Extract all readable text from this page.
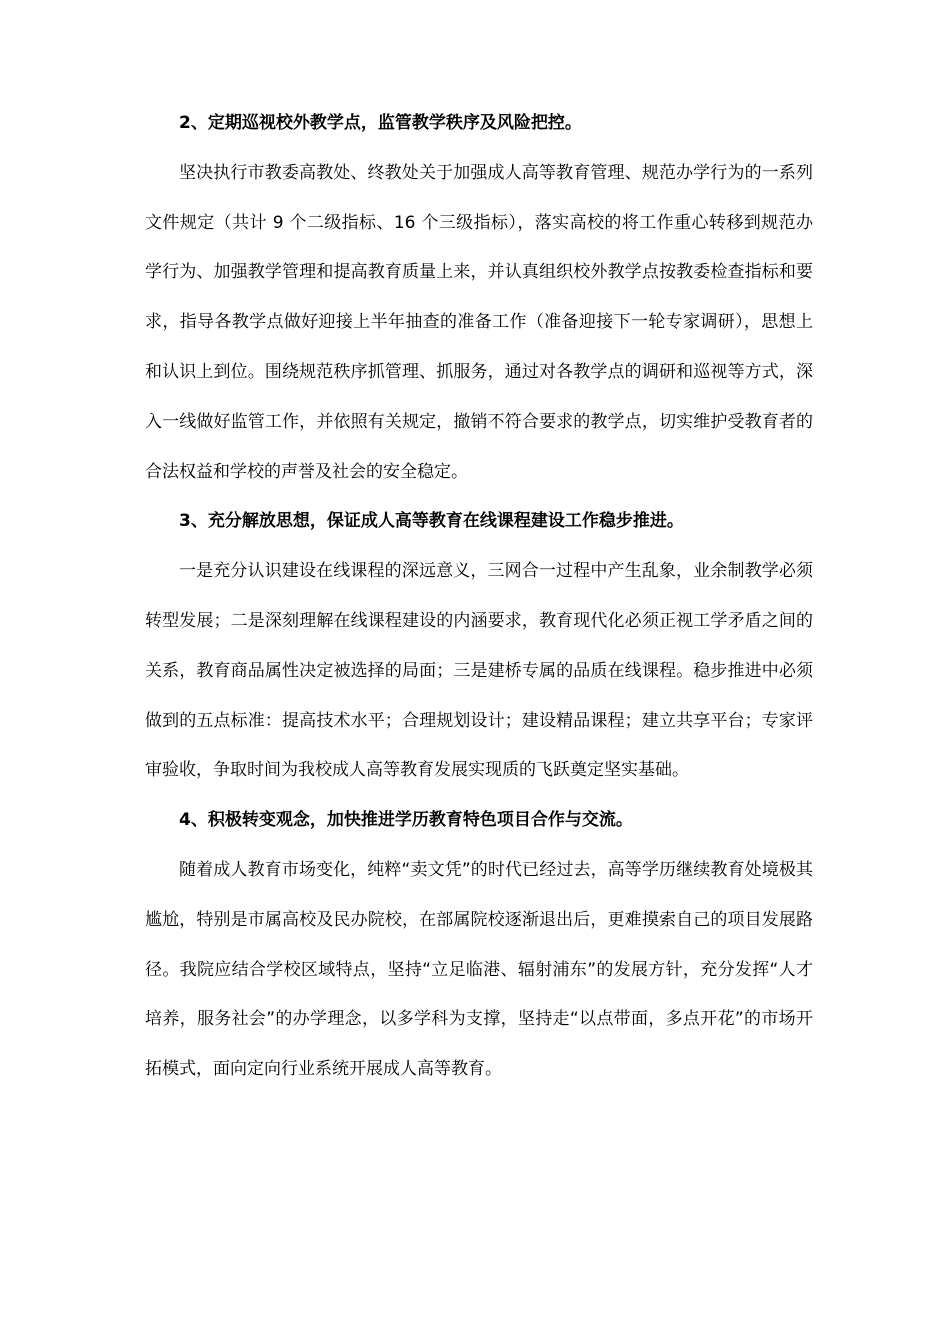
2、定期巡视校外教学点，监管教学秩序及风险把控。

坚决执行市教委高教处、终教处关于加强成人高等教育管理、规范办学行为的一系列文件规定（共计 9 个二级指标、16 个三级指标），落实高校的将工作重心转移到规范办学行为、加强教学管理和提高教育质量上来，并认真组织校外教学点按教委检查指标和要求，指导各教学点做好迎接上半年抽查的准备工作（准备迎接下一轮专家调研），思想上和认识上到位。围绕规范秩序抓管理、抓服务，通过对各教学点的调研和巡视等方式，深入一线做好监管工作，并依照有关规定，撤销不符合要求的教学点，切实维护受教育者的合法权益和学校的声誉及社会的安全稳定。

3、充分解放思想，保证成人高等教育在线课程建设工作稳步推进。

一是充分认识建设在线课程的深远意义，三网合一过程中产生乱象，业余制教学必须转型发展；二是深刻理解在线课程建设的内涵要求，教育现代化必须正视工学矛盾之间的关系，教育商品属性决定被选择的局面；三是建桥专属的品质在线课程。稳步推进中必须做到的五点标准：提高技术水平；合理规划设计；建设精品课程；建立共享平台；专家评审验收，争取时间为我校成人高等教育发展实现质的飞跃奠定坚实基础。

4、积极转变观念，加快推进学历教育特色项目合作与交流。

随着成人教育市场变化，纯粹“卖文凭”的时代已经过去，高等学历继续教育处境极其尴尬，特别是市属高校及民办院校，在部属院校逐渐退出后，更难摸索自己的项目发展路径。我院应结合学校区域特点，坚持“立足临港、辐射浦东”的发展方针，充分发挥“人才培养，服务社会”的办学理念，以多学科为支撑，坚持走“以点带面，多点开花”的市场开拓模式，面向定向行业系统开展成人高等教育。
